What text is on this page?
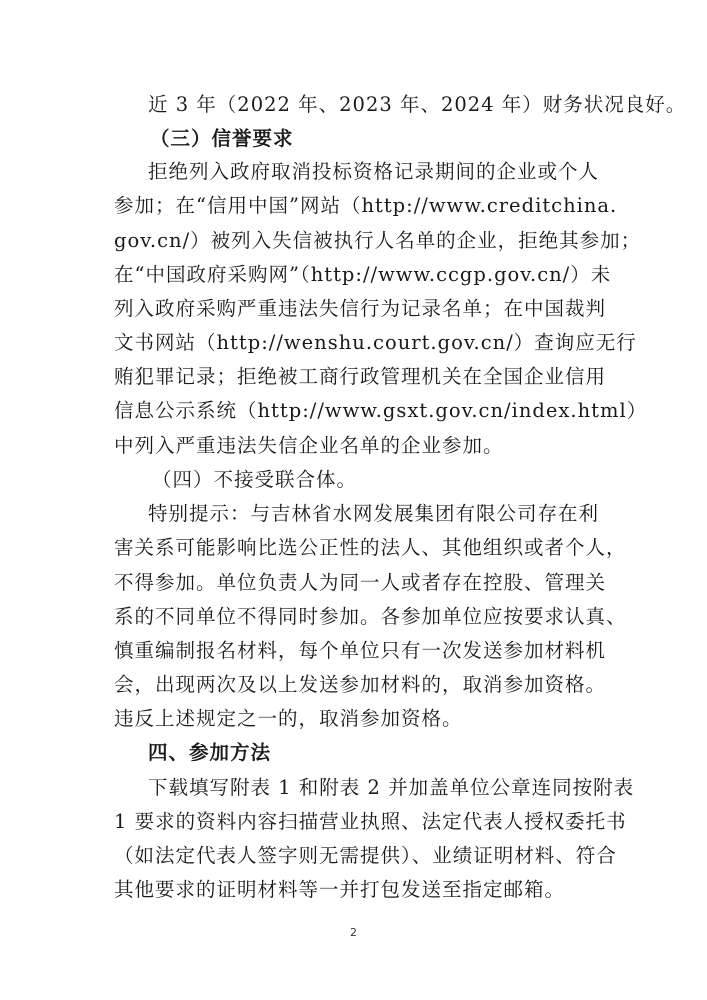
近 3 年（2022 年、2023 年、2024 年）财务状况良好。
（三）信誉要求
拒绝列入政府取消投标资格记录期间的企业或个人
参加；在“信用中国”网站（http://www.creditchina.
gov.cn/）被列入失信被执行人名单的企业，拒绝其参加；
在“中国政府采购网”（http://www.ccgp.gov.cn/）未
列入政府采购严重违法失信行为记录名单；在中国裁判
文书网站（http://wenshu.court.gov.cn/）查询应无行
贿犯罪记录；拒绝被工商行政管理机关在全国企业信用
信息公示系统（http://www.gsxt.gov.cn/index.html）
中列入严重违法失信企业名单的企业参加。
（四）不接受联合体。
特别提示：与吉林省水网发展集团有限公司存在利
害关系可能影响比选公正性的法人、其他组织或者个人，
不得参加。单位负责人为同一人或者存在控股、管理关
系的不同单位不得同时参加。各参加单位应按要求认真、
慎重编制报名材料，每个单位只有一次发送参加材料机
会，出现两次及以上发送参加材料的，取消参加资格。
违反上述规定之一的，取消参加资格。
四、参加方法
下载填写附表 1 和附表 2 并加盖单位公章连同按附表
1 要求的资料内容扫描营业执照、法定代表人授权委托书
（如法定代表人签字则无需提供）、业绩证明材料、符合
其他要求的证明材料等一并打包发送至指定邮箱。
2
